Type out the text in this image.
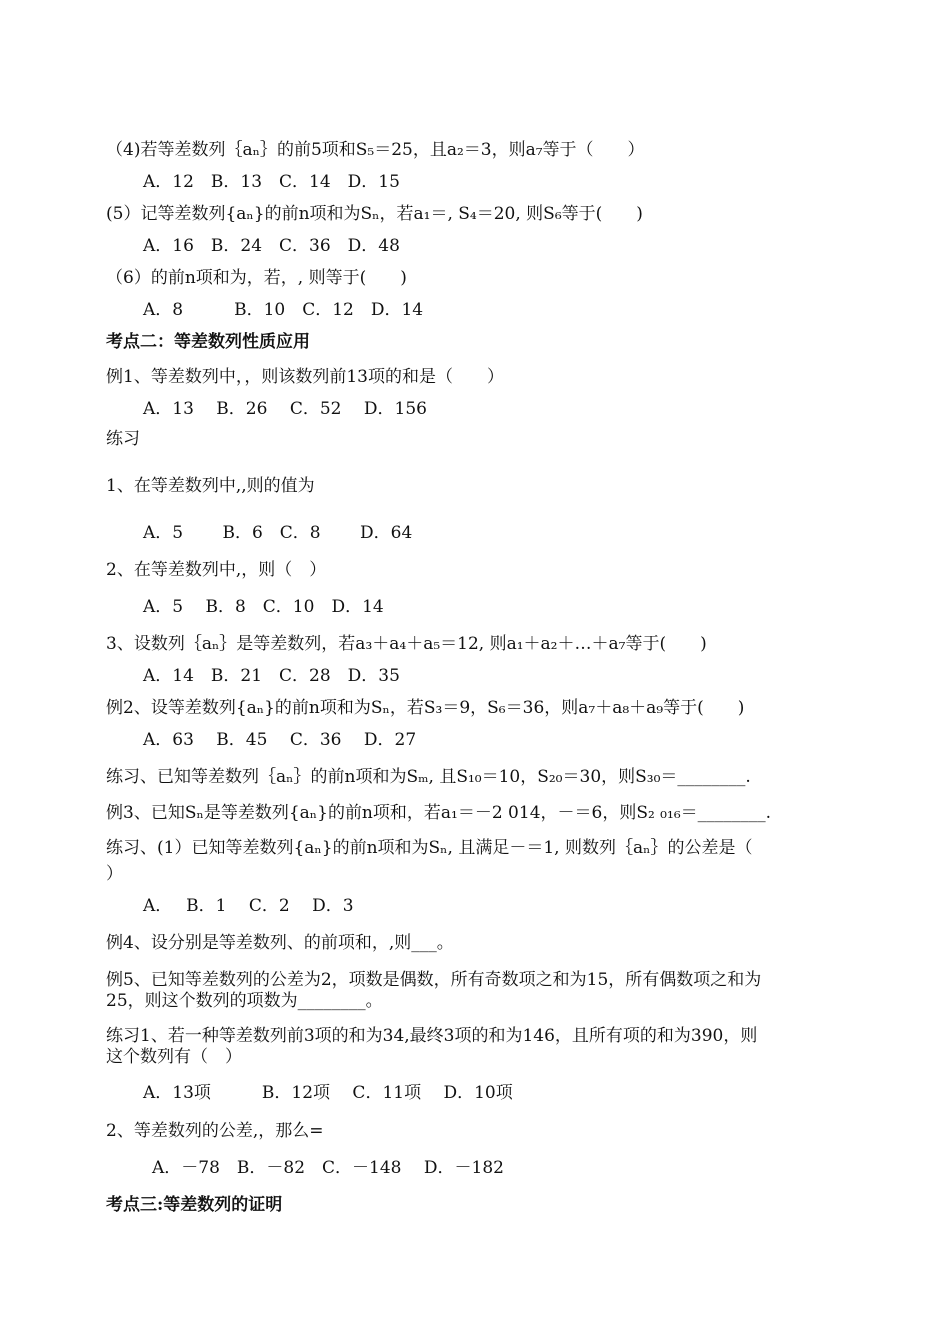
（4)若等差数列｛aₙ｝的前5项和S₅＝25，且a₂＝3，则a₇等于（　　）
A．12　B．13　C．14　D．15
(5）记等差数列{aₙ}的前n项和为Sₙ，若a₁＝, S₄＝20, 则S₆等于(　　)
A．16　B．24　C．36　D．48
（6）的前n项和为，若，, 则等于(　　)
A．8　　　B．10　C．12　D．14
考点二：等差数列性质应用
例1、等差数列中，，则该数列前13项的和是（　　）
A．13　 B．26　 C．52　 D．156
练习
1、在等差数列中,,则的值为
A．5　　 B．6　C．8　　 D．64
2、在等差数列中,，则（　）
A．5　 B．8　C．10　D．14
3、设数列｛aₙ｝是等差数列，若a₃＋a₄＋a₅＝12, 则a₁＋a₂＋…＋a₇等于(　　)
A．14　B．21　C．28　D．35
例2、设等差数列{aₙ}的前n项和为Sₙ，若S₃＝9，S₆＝36，则a₇＋a₈＋a₉等于(　　)
A．63　 B．45　 C．36　 D．27
练习、已知等差数列｛aₙ｝的前n项和为Sₘ, 且S₁₀＝10，S₂₀＝30，则S₃₀＝________.
例3、已知Sₙ是等差数列{aₙ}的前n项和，若a₁＝－2 014，－＝6，则S₂ ₀₁₆＝________.
练习、(1）已知等差数列{aₙ}的前n项和为Sₙ, 且满足－＝1, 则数列｛aₙ｝的公差是（
）
A．　 B．1　 C．2　 D．3
例4、设分别是等差数列、的前项和，,则___。
例5、已知等差数列的公差为2，项数是偶数，所有奇数项之和为15，所有偶数项之和为
25，则这个数列的项数为________。
练习1、若一种等差数列前3项的和为34,最终3项的和为146，且所有项的和为390，则
这个数列有（　）
A．13项　　　B．12项　 C．11项　 D．10项
2、等差数列的公差,，那么=
A．－78　B．－82　C．－148　 D．－182
考点三:等差数列的证明
